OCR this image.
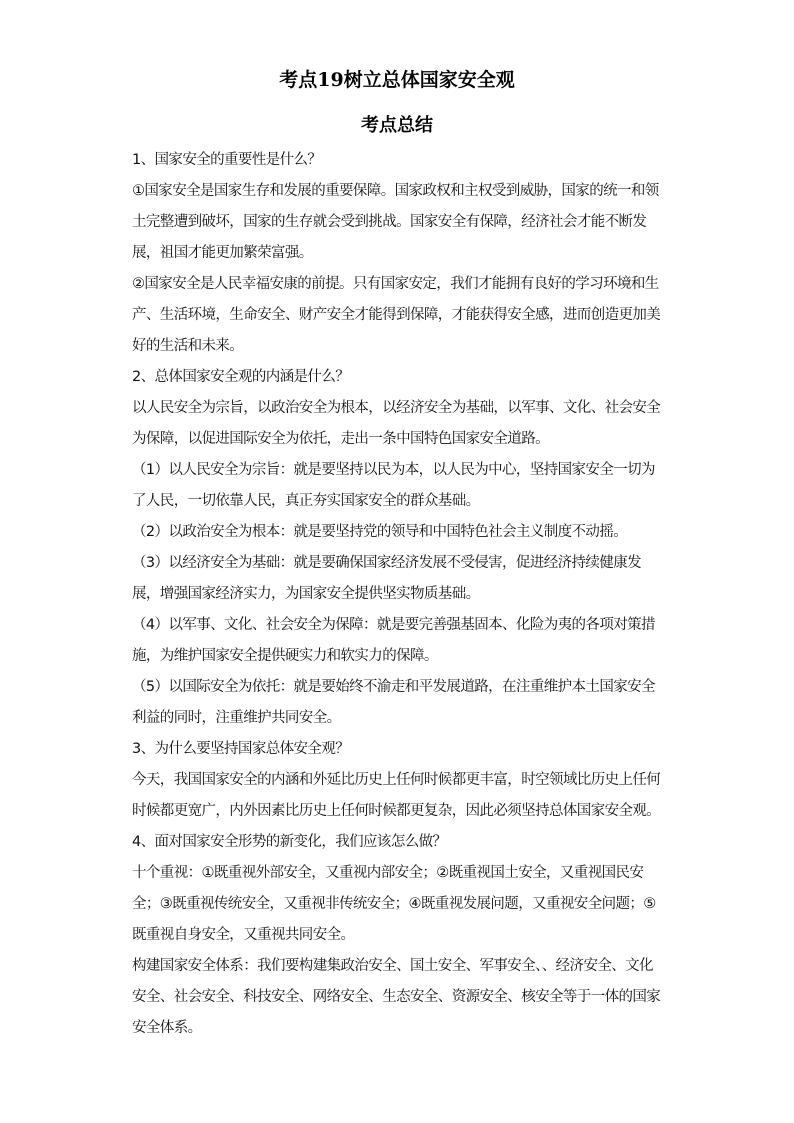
考点19树立总体国家安全观
考点总结

1、国家安全的重要性是什么？

①国家安全是国家生存和发展的重要保障。国家政权和主权受到威胁，国家的统一和领土完整遭到破坏，国家的生存就会受到挑战。国家安全有保障，经济社会才能不断发展，祖国才能更加繁荣富强。

②国家安全是人民幸福安康的前提。只有国家安定，我们才能拥有良好的学习环境和生产、生活环境，生命安全、财产安全才能得到保障，才能获得安全感，进而创造更加美好的生活和未来。

2、总体国家安全观的内涵是什么？

以人民安全为宗旨，以政治安全为根本，以经济安全为基础，以军事、文化、社会安全为保障，以促进国际安全为依托，走出一条中国特色国家安全道路。

（1）以人民安全为宗旨：就是要坚持以民为本，以人民为中心，坚持国家安全一切为了人民，一切依靠人民，真正夯实国家安全的群众基础。

（2）以政治安全为根本：就是要坚持党的领导和中国特色社会主义制度不动摇。

（3）以经济安全为基础：就是要确保国家经济发展不受侵害，促进经济持续健康发展，增强国家经济实力，为国家安全提供坚实物质基础。

（4）以军事、文化、社会安全为保障：就是要完善强基固本、化险为夷的各项对策措施，为维护国家安全提供硬实力和软实力的保障。

（5）以国际安全为依托：就是要始终不渝走和平发展道路，在注重维护本土国家安全利益的同时，注重维护共同安全。

3、为什么要坚持国家总体安全观？

今天，我国国家安全的内涵和外延比历史上任何时候都更丰富，时空领域比历史上任何时候都更宽广，内外因素比历史上任何时候都更复杂，因此必须坚持总体国家安全观。

4、面对国家安全形势的新变化，我们应该怎么做？

十个重视：①既重视外部安全，又重视内部安全；②既重视国土安全，又重视国民安全；③既重视传统安全，又重视非传统安全；④既重视发展问题，又重视安全问题；⑤既重视自身安全，又重视共同安全。

构建国家安全体系：我们要构建集政治安全、国土安全、军事安全、、经济安全、文化安全、社会安全、科技安全、网络安全、生态安全、资源安全、核安全等于一体的国家安全体系。
